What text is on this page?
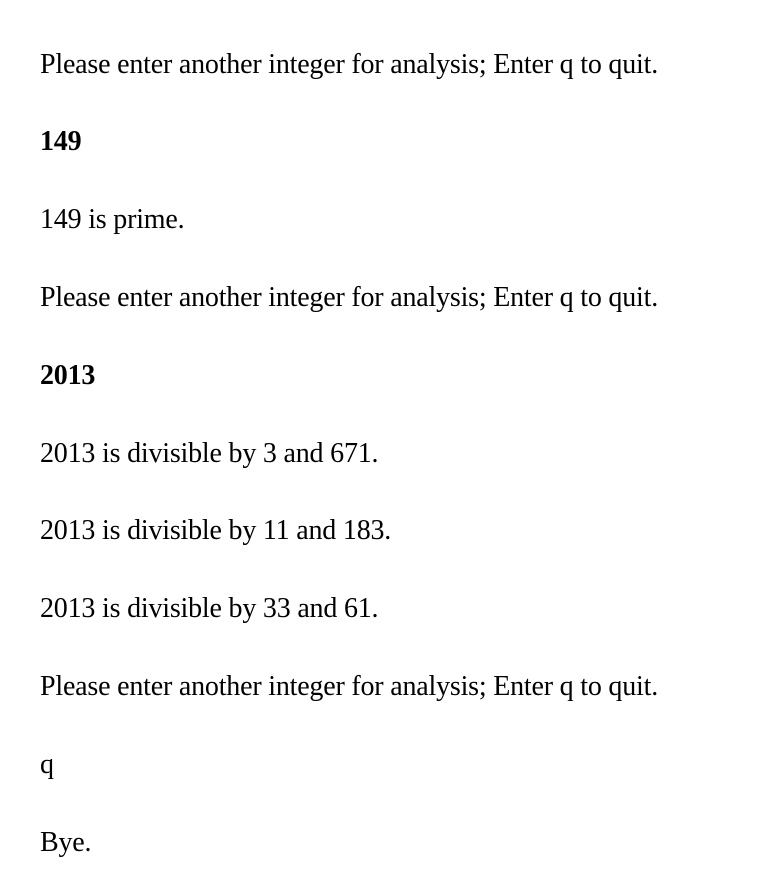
Please enter another integer for analysis; Enter q to quit.
149
149 is prime.
Please enter another integer for analysis; Enter q to quit.
2013
2013 is divisible by 3 and 671.
2013 is divisible by 11 and 183.
2013 is divisible by 33 and 61.
Please enter another integer for analysis; Enter q to quit.
q
Bye.
